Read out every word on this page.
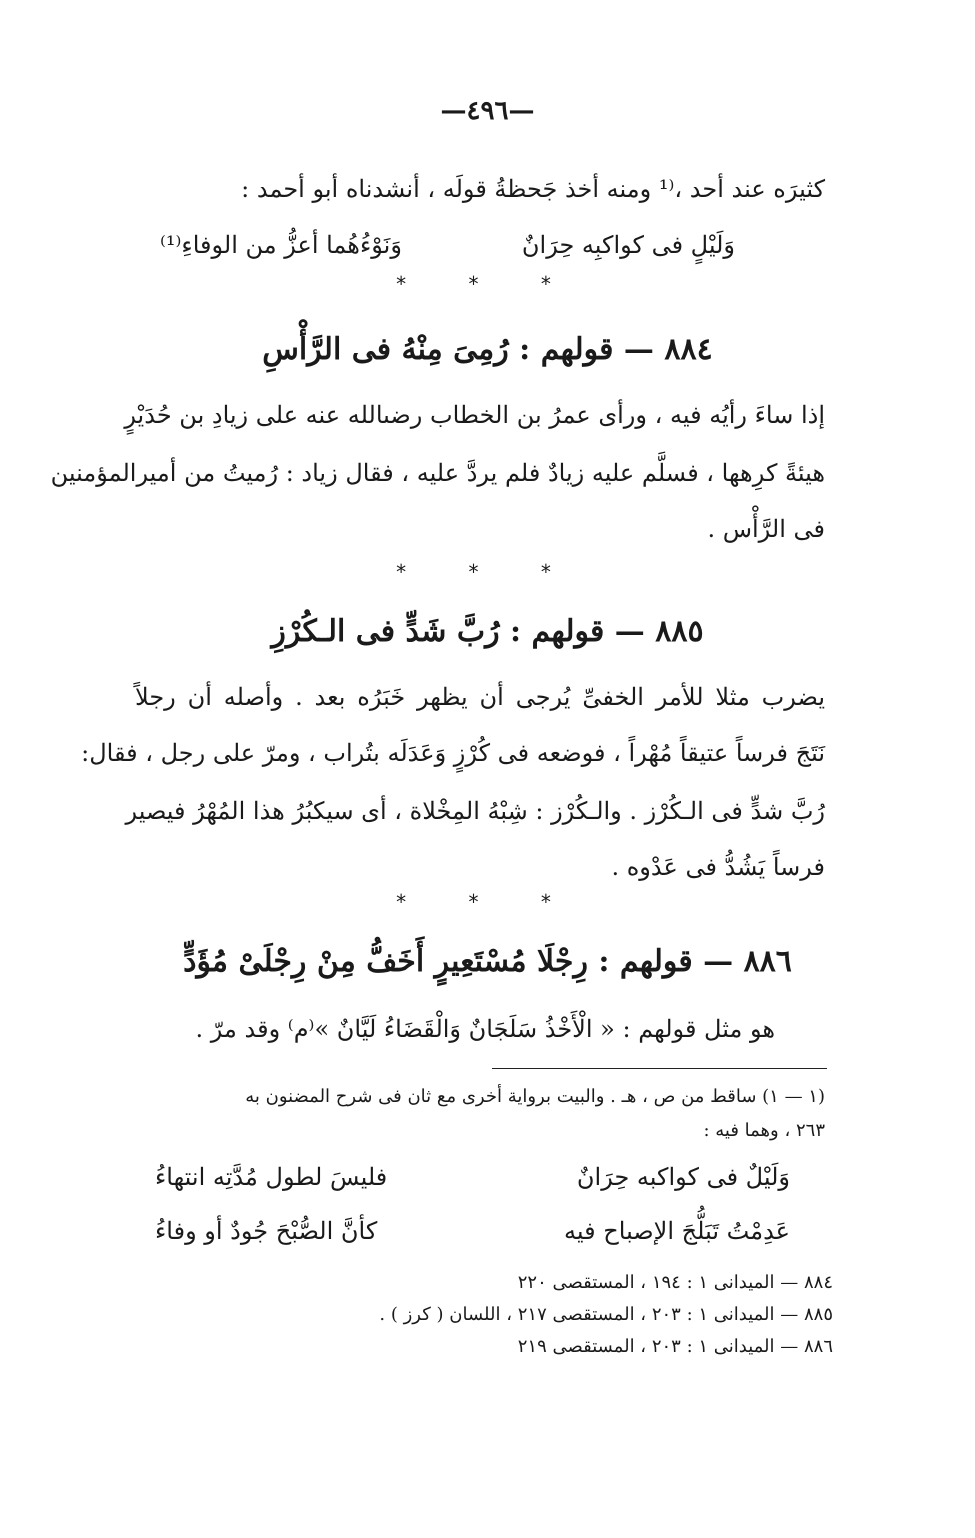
—٤٩٦—
كثيرَه عند أحد ،⁽¹ ومنه أخذ جَحظةُ قولَه ، أنشدناه أبو أحمد :
وَلَيْلٍ فى كواكبِه حِرَانٌ
وَنَوْءُهُما أعزُّ من الوفاءِ⁽¹⁾
* * *
٨٨٤ — قولهم : رُمِىَ مِنْهُ فى الرَّأْسِ
إذا ساءَ رأيُه فيه ، ورأى عمرُ بن الخطاب رضىالله عنه على زيادِ بن حُدَيْرٍ
هيئةً كرِهها ، فسلَّم عليه زيادٌ فلم يردَّ عليه ، فقال زياد : رُميتُ من أميرالمؤمنين
فى الرَّأْس .
* * *
٨٨٥ — قولهم : رُبَّ شَدٍّ فى الـكُرْزِ
يضرب مثلا للأمر الخفىِّ يُرجى أن يظهر خَبَرُه بعد . وأصله أن رجلاً
نَتَجَ فرساً عتيقاً مُهْراً ، فوضعه فى كُرْزٍ وَعَدَلَه بتُراب ، ومرّ على رجل ، فقال:
رُبَّ شدٍّ فى الـكُرْز . والـكُرْز : شِبْهُ المِخْلاة ، أى سيكبُرُ هذا المُهْرُ فيصير
فرساً يَشُدُّ فى عَدْوه .
* * *
٨٨٦ — قولهم : رِجْلَا مُسْتَعِيرٍ أَخَفُّ مِنْ رِجْلَىْ مُؤَدٍّ
هو مثل قولهم : « الْأَخْذُ سَلَجَانٌ وَالْقَضَاءُ لَيَّانٌ »⁽م⁾ وقد مرّ .
(١ — ١) ساقط من ص ، هـ . والبيت برواية أخرى مع ثان فى شرح المضنون به
٢٦٣ ، وهما فيه :
وَلَيْلٌ فى كواكبه حِرَانٌ
فليسَ لطول مُدَّتِه انتهاءُ
عَدِمْتُ تَبَلُّجَ الإصباح فيه
كأنَّ الصُّبْحَ جُودٌ أو وفاءُ
٨٨٤ — الميدانى ١ : ١٩٤ ، المستقصى ٢٢٠
٨٨٥ — الميدانى ١ : ٢٠٣ ، المستقصى ٢١٧ ، اللسان ( كرز ) .
٨٨٦ — الميدانى ١ : ٢٠٣ ، المستقصى ٢١٩
